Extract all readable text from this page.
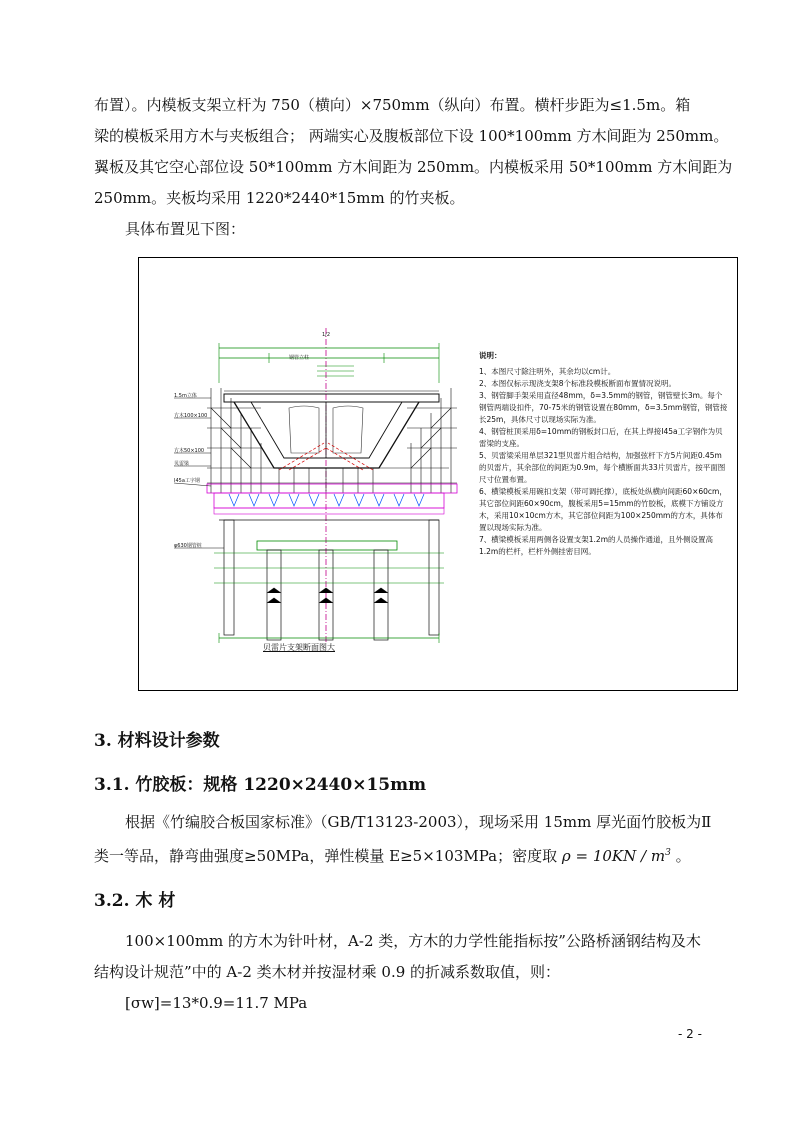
布置）。内模板支架立杆为 750（横向）×750mm（纵向）布置。横杆步距为≤1.5m。箱
梁的模板采用方木与夹板组合； 两端实心及腹板部位下设 100*100mm 方木间距为 250mm。
翼板及其它空心部位设 50*100mm 方木间距为 250mm。内模板采用 50*100mm 方木间距为
250mm。夹板均采用 1220*2440*15mm 的竹夹板。
具体布置见下图：
1/2
1.5m立体
方木100×100
方木50×100
贝雷梁
I45a工字钢
φ630钢管桩
钢管立柱	说明：
1、本图尺寸除注明外，其余均以cm计。
2、本图仅标示现浇支架8个标准段模板断面布置情况说明。
3、钢管脚手架采用直径48mm，δ=3.5mm的钢管，钢管壁长3m。每个钢管两端设扣件，70-75米的钢管设置在80mm，δ=3.5mm钢管，钢管接长25m，具体尺寸以现场实际为准。
4、钢管桩顶采用δ=10mm的钢板封口后，在其上焊接I45a工字钢作为贝雷梁的支座。
5、贝雷梁采用单层321型贝雷片组合结构，加强弦杆下方5片间距0.45m的贝雷片，其余部位的间距为0.9m，每个横断面共33片贝雷片，按平面图尺寸位置布置。
6、横梁模板采用碗扣支架（带可调托撑），底板处纵横向间距60×60cm，其它部位间距60×90cm，腹板采用5=15mm的竹胶板，底模下方铺设方木，采用10×10cm方木，其它部位间距为100×250mm的方木，具体布置以现场实际为准。
7、横梁模板采用两侧各设置支架1.2m的人员操作通道，且外侧设置高1.2m的栏杆，栏杆外侧挂密目网。
贝雷片支架断面图大
3. 材料设计参数
3.1. 竹胶板：规格 1220×2440×15mm
根据《竹编胶合板国家标准》（GB/T13123-2003），现场采用 15mm 厚光面竹胶板为Ⅱ
类一等品，静弯曲强度≥50MPa，弹性模量 E≥5×103MPa；密度取 $\rho = 10KN / m^3$ 。
3.2. 木 材
100×100mm 的方木为针叶材，A-2 类，方木的力学性能指标按”公路桥涵钢结构及木
结构设计规范”中的 A-2 类木材并按湿材乘 0.9 的折减系数取值，则：
[σw]=13*0.9=11.7 MPa
- 2 -
